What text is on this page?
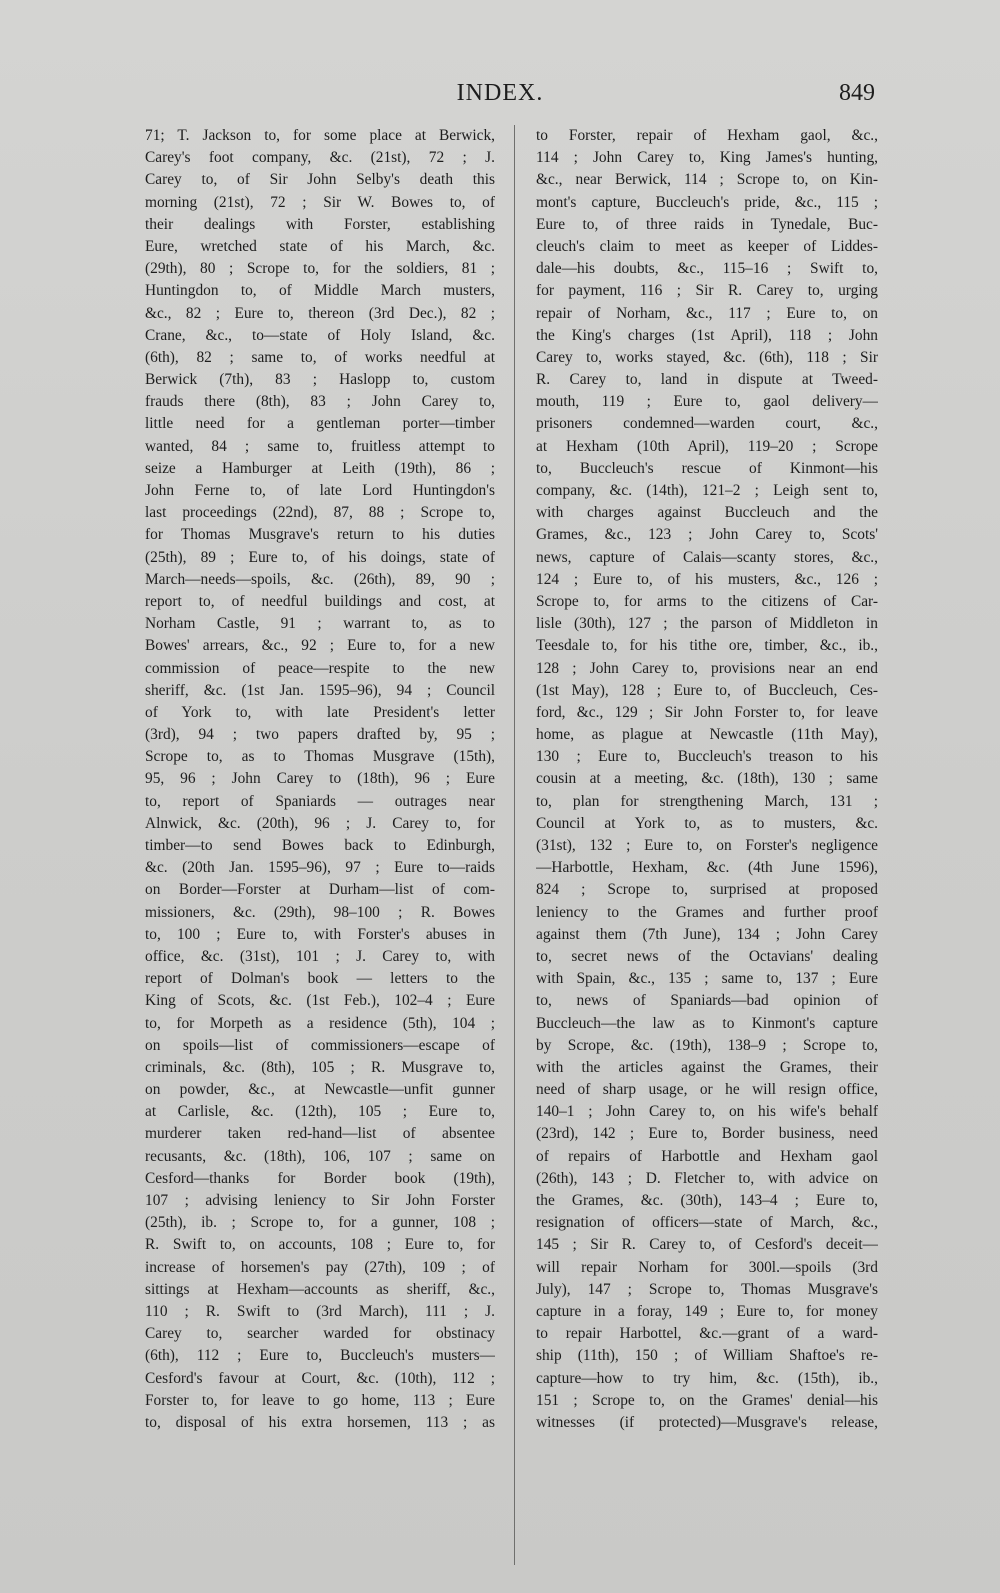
INDEX.	849
71; T. Jackson to, for some place at Berwick,
Carey's foot company, &c. (21st), 72 ; J.
Carey to, of Sir John Selby's death this
morning (21st), 72 ; Sir W. Bowes to, of
their dealings with Forster, establishing
Eure, wretched state of his March, &c.
(29th), 80 ; Scrope to, for the soldiers, 81 ;
Huntingdon to, of Middle March musters,
&c., 82 ; Eure to, thereon (3rd Dec.), 82 ;
Crane, &c., to—state of Holy Island, &c.
(6th), 82 ; same to, of works needful at
Berwick (7th), 83 ; Haslopp to, custom
frauds there (8th), 83 ; John Carey to,
little need for a gentleman porter—timber
wanted, 84 ; same to, fruitless attempt to
seize a Hamburger at Leith (19th), 86 ;
John Ferne to, of late Lord Huntingdon's
last proceedings (22nd), 87, 88 ; Scrope to,
for Thomas Musgrave's return to his duties
(25th), 89 ; Eure to, of his doings, state of
March—needs—spoils, &c. (26th), 89, 90 ;
report to, of needful buildings and cost, at
Norham Castle, 91 ; warrant to, as to
Bowes' arrears, &c., 92 ; Eure to, for a new
commission of peace—respite to the new
sheriff, &c. (1st Jan. 1595–96), 94 ; Council
of York to, with late President's letter
(3rd), 94 ; two papers drafted by, 95 ;
Scrope to, as to Thomas Musgrave (15th),
95, 96 ; John Carey to (18th), 96 ; Eure
to, report of Spaniards — outrages near
Alnwick, &c. (20th), 96 ; J. Carey to, for
timber—to send Bowes back to Edinburgh,
&c. (20th Jan. 1595–96), 97 ; Eure to—raids
on Border—Forster at Durham—list of com-
missioners, &c. (29th), 98–100 ; R. Bowes
to, 100 ; Eure to, with Forster's abuses in
office, &c. (31st), 101 ; J. Carey to, with
report of Dolman's book — letters to the
King of Scots, &c. (1st Feb.), 102–4 ; Eure
to, for Morpeth as a residence (5th), 104 ;
on spoils—list of commissioners—escape of
criminals, &c. (8th), 105 ; R. Musgrave to,
on powder, &c., at Newcastle—unfit gunner
at Carlisle, &c. (12th), 105 ; Eure to,
murderer taken red-hand—list of absentee
recusants, &c. (18th), 106, 107 ; same on
Cesford—thanks for Border book (19th),
107 ; advising leniency to Sir John Forster
(25th), ib. ; Scrope to, for a gunner, 108 ;
R. Swift to, on accounts, 108 ; Eure to, for
increase of horsemen's pay (27th), 109 ; of
sittings at Hexham—accounts as sheriff, &c.,
110 ; R. Swift to (3rd March), 111 ; J.
Carey to, searcher warded for obstinacy
(6th), 112 ; Eure to, Buccleuch's musters—
Cesford's favour at Court, &c. (10th), 112 ;
Forster to, for leave to go home, 113 ; Eure
to, disposal of his extra horsemen, 113 ; as
to Forster, repair of Hexham gaol, &c.,
114 ; John Carey to, King James's hunting,
&c., near Berwick, 114 ; Scrope to, on Kin-
mont's capture, Buccleuch's pride, &c., 115 ;
Eure to, of three raids in Tynedale, Buc-
cleuch's claim to meet as keeper of Liddes-
dale—his doubts, &c., 115–16 ; Swift to,
for payment, 116 ; Sir R. Carey to, urging
repair of Norham, &c., 117 ; Eure to, on
the King's charges (1st April), 118 ; John
Carey to, works stayed, &c. (6th), 118 ; Sir
R. Carey to, land in dispute at Tweed-
mouth, 119 ; Eure to, gaol delivery—
prisoners condemned—warden court, &c.,
at Hexham (10th April), 119–20 ; Scrope
to, Buccleuch's rescue of Kinmont—his
company, &c. (14th), 121–2 ; Leigh sent to,
with charges against Buccleuch and the
Grames, &c., 123 ; John Carey to, Scots'
news, capture of Calais—scanty stores, &c.,
124 ; Eure to, of his musters, &c., 126 ;
Scrope to, for arms to the citizens of Car-
lisle (30th), 127 ; the parson of Middleton in
Teesdale to, for his tithe ore, timber, &c., ib.,
128 ; John Carey to, provisions near an end
(1st May), 128 ; Eure to, of Buccleuch, Ces-
ford, &c., 129 ; Sir John Forster to, for leave
home, as plague at Newcastle (11th May),
130 ; Eure to, Buccleuch's treason to his
cousin at a meeting, &c. (18th), 130 ; same
to, plan for strengthening March, 131 ;
Council at York to, as to musters, &c.
(31st), 132 ; Eure to, on Forster's negligence
—Harbottle, Hexham, &c. (4th June 1596),
824 ; Scrope to, surprised at proposed
leniency to the Grames and further proof
against them (7th June), 134 ; John Carey
to, secret news of the Octavians' dealing
with Spain, &c., 135 ; same to, 137 ; Eure
to, news of Spaniards—bad opinion of
Buccleuch—the law as to Kinmont's capture
by Scrope, &c. (19th), 138–9 ; Scrope to,
with the articles against the Grames, their
need of sharp usage, or he will resign office,
140–1 ; John Carey to, on his wife's behalf
(23rd), 142 ; Eure to, Border business, need
of repairs of Harbottle and Hexham gaol
(26th), 143 ; D. Fletcher to, with advice on
the Grames, &c. (30th), 143–4 ; Eure to,
resignation of officers—state of March, &c.,
145 ; Sir R. Carey to, of Cesford's deceit—
will repair Norham for 300l.—spoils (3rd
July), 147 ; Scrope to, Thomas Musgrave's
capture in a foray, 149 ; Eure to, for money
to repair Harbottel, &c.—grant of a ward-
ship (11th), 150 ; of William Shaftoe's re-
capture—how to try him, &c. (15th), ib.,
151 ; Scrope to, on the Grames' denial—his
witnesses (if protected)—Musgrave's release,
